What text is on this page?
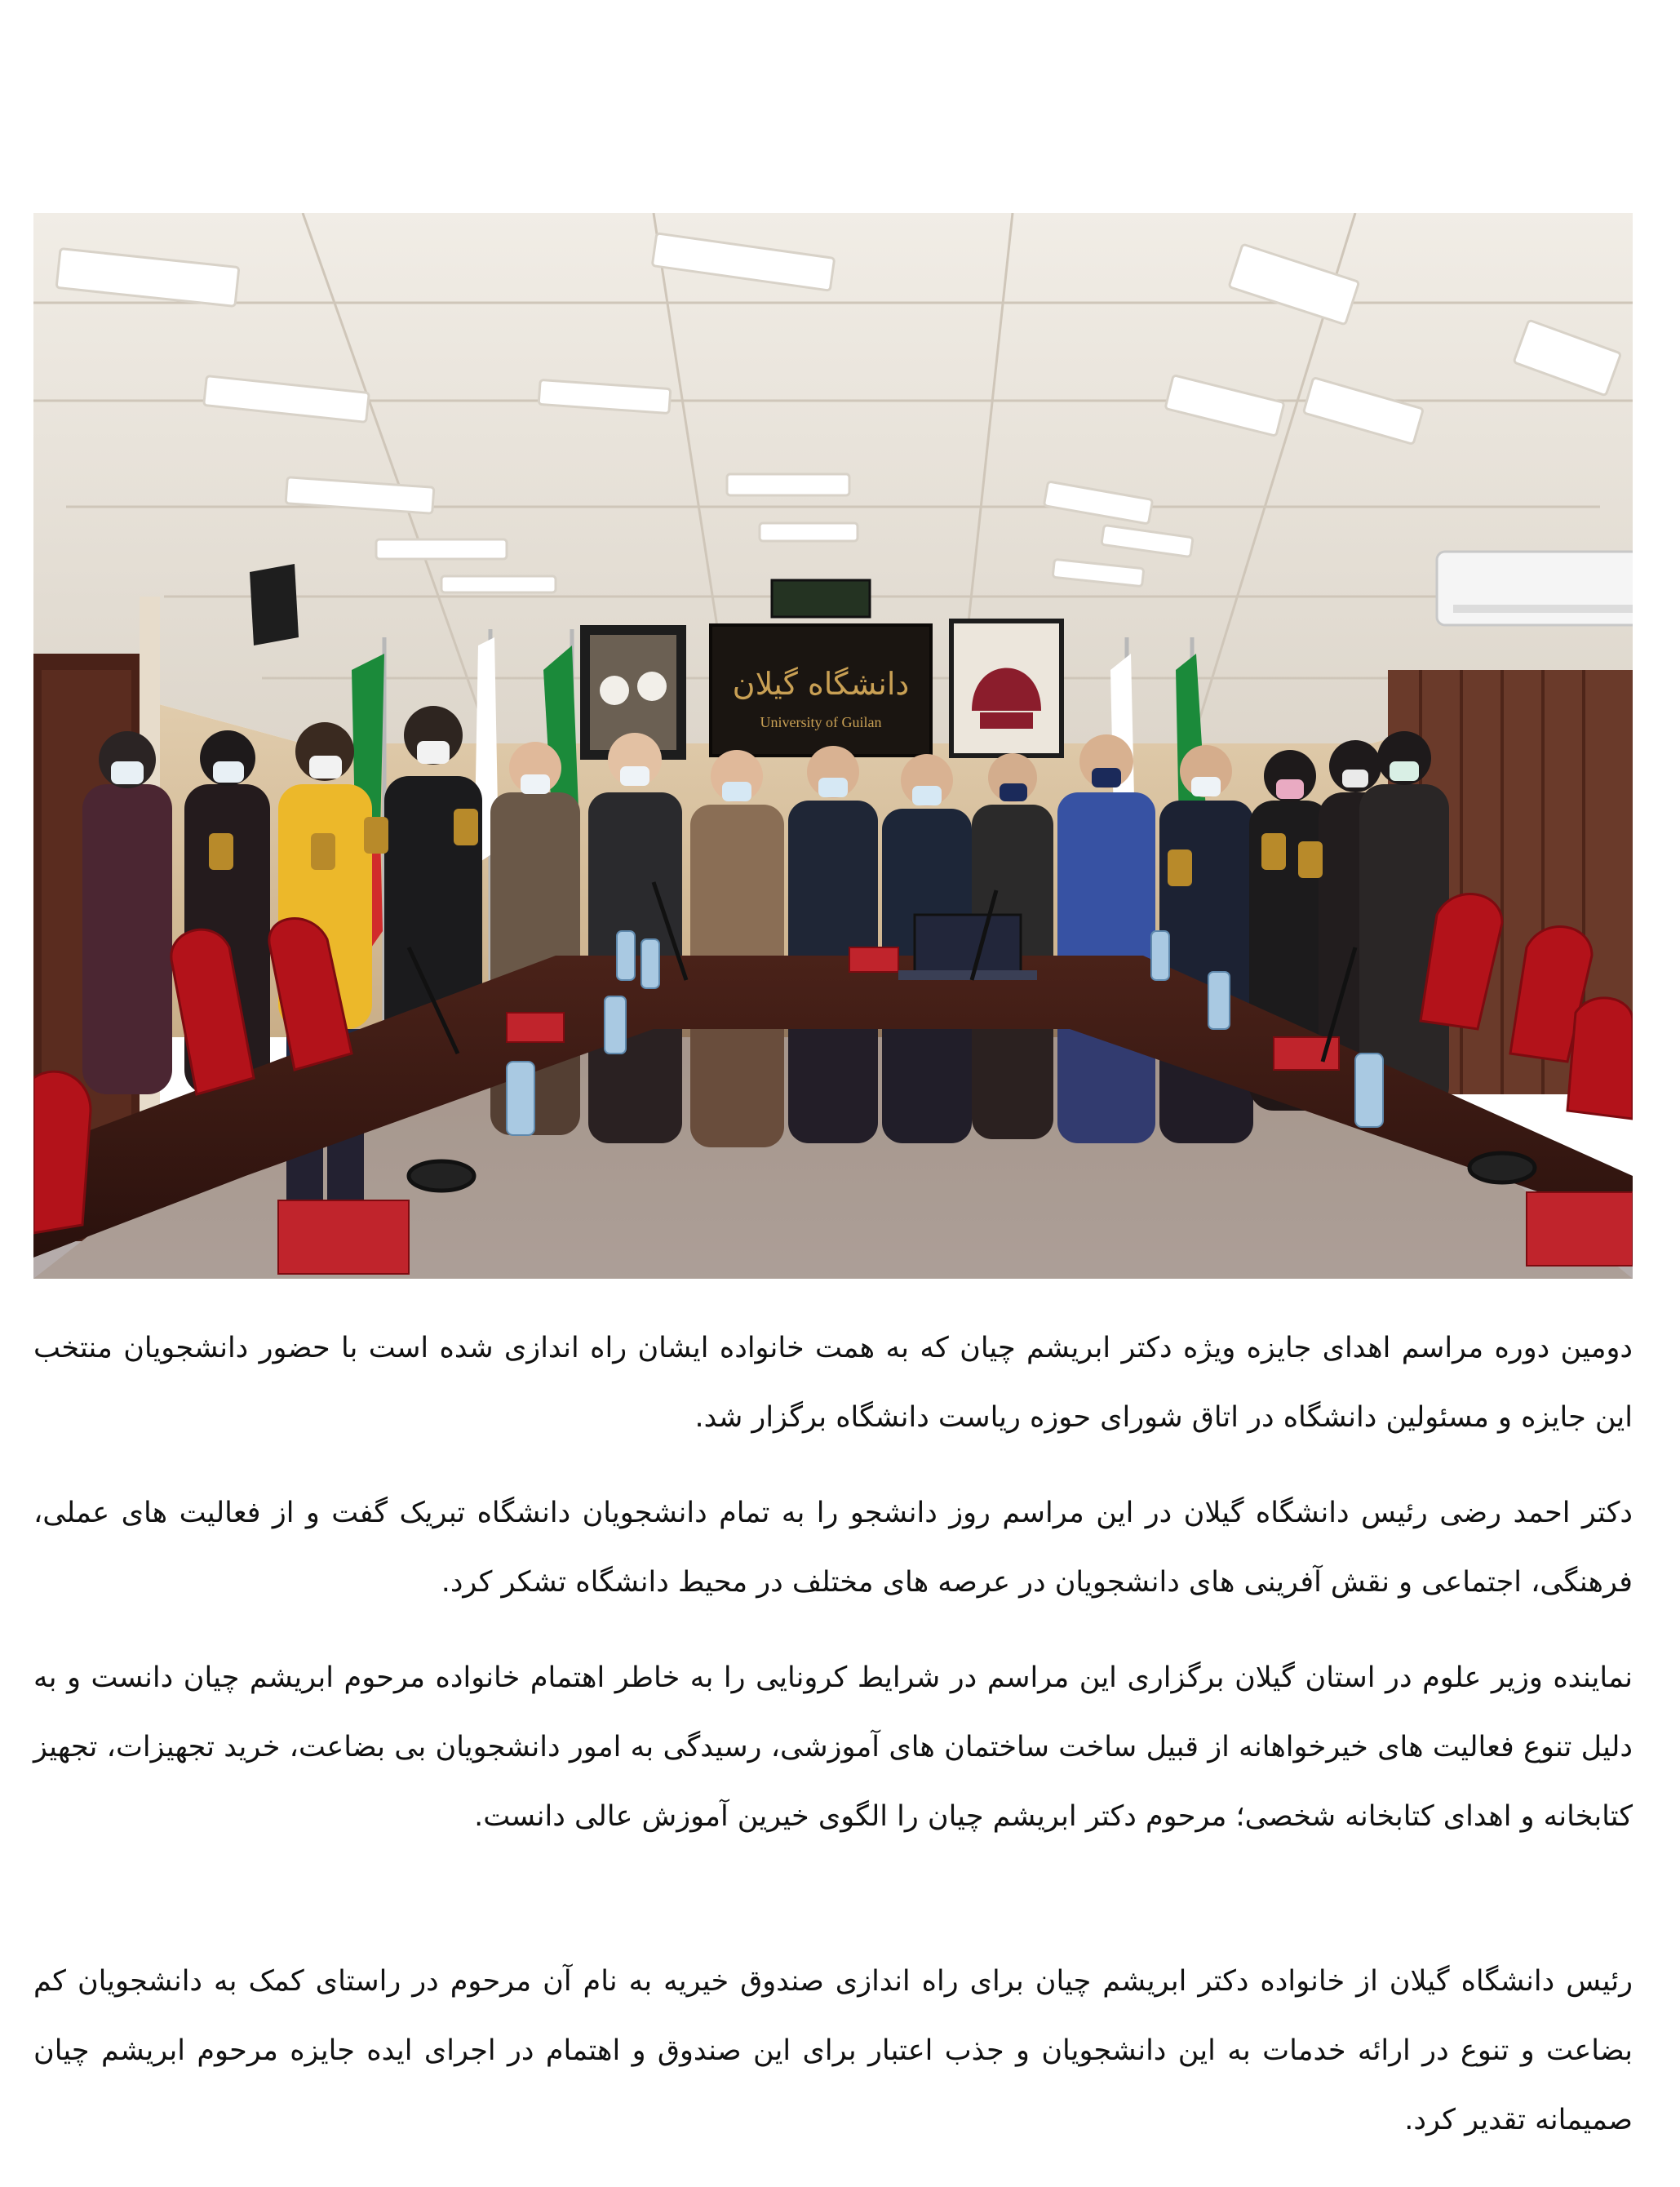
دانشگاه گیلان
University of Guilan

دومین دوره مراسم اهدای جایزه ویژه دکتر ابریشم چیان که به همت خانواده ایشان راه اندازی شده است با حضور دانشجویان منتخب این جایزه و مسئولین دانشگاه در اتاق شورای حوزه ریاست دانشگاه برگزار شد.

دکتر احمد رضی رئیس دانشگاه گیلان در این مراسم روز دانشجو را به تمام دانشجویان دانشگاه تبریک گفت و از فعالیت های عملی، فرهنگی، اجتماعی و نقش آفرینی های دانشجویان در عرصه های مختلف در محیط دانشگاه تشکر کرد.

نماینده وزیر علوم در استان گیلان برگزاری این مراسم در شرایط کرونایی را به خاطر اهتمام خانواده مرحوم ابریشم چیان دانست و به دلیل تنوع فعالیت های خیرخواهانه از قبیل ساخت ساختمان های آموزشی، رسیدگی به امور دانشجویان بی بضاعت، خرید تجهیزات، تجهیز کتابخانه و اهدای کتابخانه شخصی؛ مرحوم دکتر ابریشم چیان را الگوی خیرین آموزش عالی دانست.

رئیس دانشگاه گیلان از خانواده دکتر ابریشم چیان برای راه اندازی صندوق خیریه به نام آن مرحوم در راستای کمک به دانشجویان کم بضاعت و تنوع در ارائه خدمات به این دانشجویان و جذب اعتبار برای این صندوق و اهتمام در اجرای ایده جایزه مرحوم ابریشم چیان صمیمانه تقدیر کرد.
